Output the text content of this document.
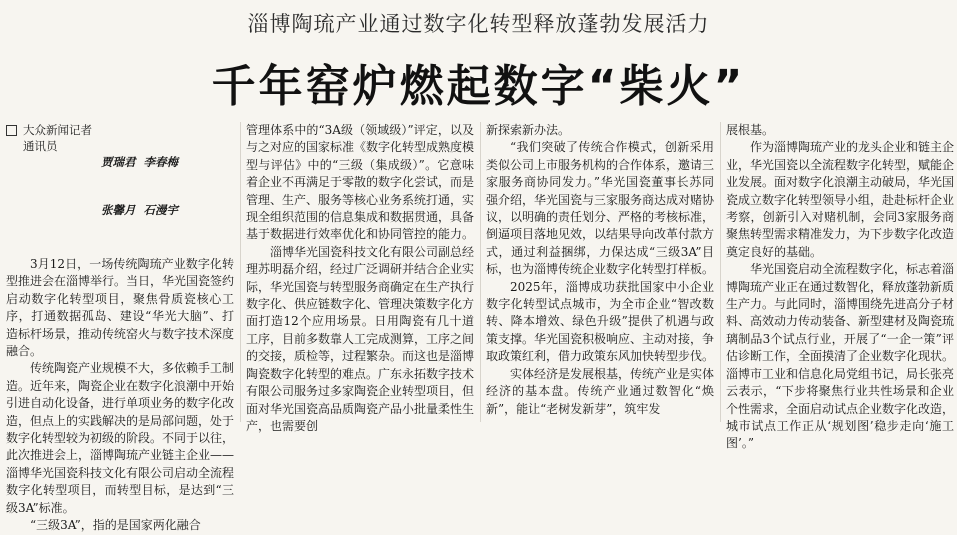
淄博陶琉产业通过数字化转型释放蓬勃发展活力
千年窑炉燃起数字“柴火”
大众新闻记者
通讯员

贾瑞君  李春梅

张馨月  石漫宇

3月12日，一场传统陶琉产业数字化转型推进会在淄博举行。当日，华光国瓷签约启动数字化转型项目，聚焦骨质瓷核心工序，打通数据孤岛、建设“华光大脑”、打造标杆场景，推动传统窑火与数字技术深度融合。

传统陶瓷产业规模不大，多依赖手工制造。近年来，陶瓷企业在数字化浪潮中开始引进自动化设备，进行单项业务的数字化改造，但点上的实践解决的是局部问题，处于数字化转型较为初级的阶段。不同于以往，此次推进会上，淄博陶琉产业链主企业——淄博华光国瓷科技文化有限公司启动全流程数字化转型项目，而转型目标，是达到“三级3A”标准。

“三级3A”，指的是国家两化融合

管理体系中的“3A级（领域级）”评定，以及与之对应的国家标准《数字化转型成熟度模型与评估》中的“三级（集成级）”。它意味着企业不再满足于零散的数字化尝试，而是管理、生产、服务等核心业务系统打通，实现全组织范围的信息集成和数据贯通，具备基于数据进行效率优化和协同管控的能力。

淄博华光国瓷科技文化有限公司副总经理苏明磊介绍，经过广泛调研并结合企业实际，华光国瓷与转型服务商确定在生产执行数字化、供应链数字化、管理决策数字化方面打造12个应用场景。日用陶瓷有几十道工序，目前多数靠人工完成测算，工序之间的交接，质检等，过程繁杂。而这也是淄博陶瓷数字化转型的难点。广东永拓数字技术有限公司服务过多家陶瓷企业转型项目，但面对华光国瓷高品质陶瓷产品小批量柔性生产，也需要创

新探索新办法。

“我们突破了传统合作模式，创新采用类似公司上市服务机构的合作体系，邀请三家服务商协同发力。”华光国瓷董事长苏同强介绍，华光国瓷与三家服务商达成对赌协议，以明确的责任划分、严格的考核标准，倒逼项目落地见效，以结果导向改革付款方式，通过利益捆绑，力保达成“三级3A”目标，也为淄博传统企业数字化转型打样板。

2025年，淄博成功获批国家中小企业数字化转型试点城市，为全市企业“智改数转、降本增效、绿色升级”提供了机遇与政策支撑。华光国瓷积极响应、主动对接，争取政策红利，借力政策东风加快转型步伐。

实体经济是发展根基，传统产业是实体经济的基本盘。传统产业通过数智化“焕新”，能让“老树发新芽”，筑牢发

展根基。

作为淄博陶琉产业的龙头企业和链主企业，华光国瓷以全流程数字化转型，赋能企业发展。面对数字化浪潮主动破局，华光国瓷成立数字化转型领导小组，赴赴标杆企业考察，创新引入对赌机制，会同3家服务商聚焦转型需求精准发力，为下步数字化改造奠定良好的基础。

华光国瓷启动全流程数字化，标志着淄博陶琉产业正在通过数智化，释放蓬勃新质生产力。与此同时，淄博围绕先进高分子材料、高效动力传动装备、新型建材及陶瓷琉璃制品3个试点行业，开展了“一企一策”评估诊断工作，全面摸清了企业数字化现状。淄博市工业和信息化局党组书记，局长张亮云表示，“下步将聚焦行业共性场景和企业个性需求，全面启动试点企业数字化改造，城市试点工作正从‘规划图’稳步走向‘施工图’。”
